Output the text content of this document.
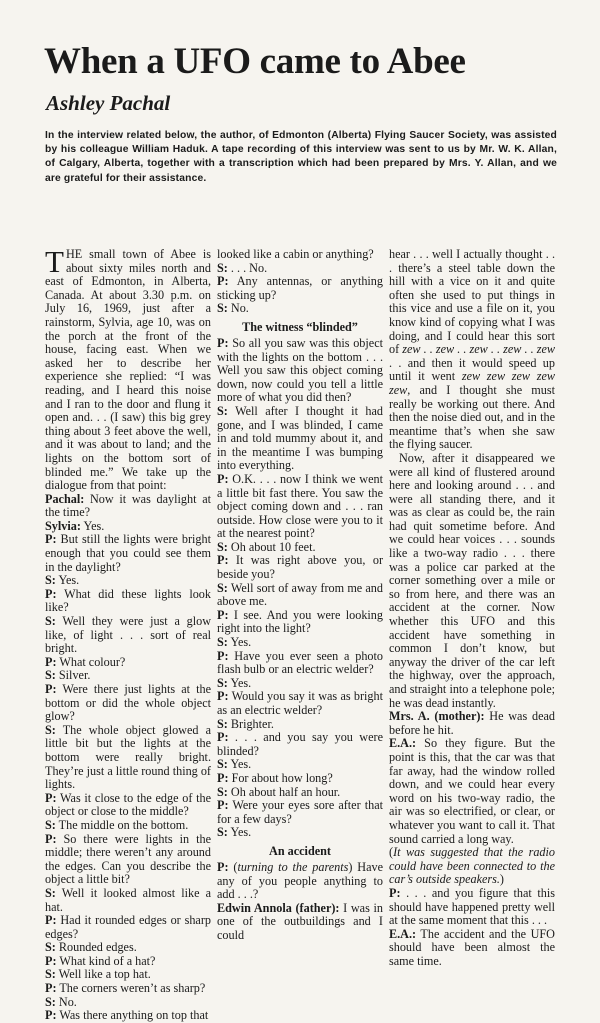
When a UFO came to Abee
Ashley Pachal

In the interview related below, the author, of Edmonton (Alberta) Flying Saucer Society, was assisted by his colleague William Haduk. A tape recording of this interview was sent to us by Mr. W. K. Allan, of Calgary, Alberta, together with a transcription which had been prepared by Mrs. Y. Allan, and we are grateful for their assistance.

THE small town of Abee is about sixty miles north and east of Edmonton, in Alberta, Canada. At about 3.30 p.m. on July 16, 1969, just after a rainstorm, Sylvia, age 10, was on the porch at the front of the house, facing east. When we asked her to describe her experience she replied: “I was reading, and I heard this noise and I ran to the door and flung it open and. . . (I saw) this big grey thing about 3 feet above the well, and it was about to land; and the lights on the bottom sort of blinded me.” We take up the dialogue from that point:

Pachal: Now it was daylight at the time?

Sylvia: Yes.

P: But still the lights were bright enough that you could see them in the daylight?

S: Yes.

P: What did these lights look like?

S: Well they were just a glow like, of light . . . sort of real bright.

P: What colour?

S: Silver.

P: Were there just lights at the bottom or did the whole object glow?

S: The whole object glowed a little bit but the lights at the bottom were really bright. They’re just a little round thing of lights.

P: Was it close to the edge of the object or close to the middle?

S: The middle on the bottom.

P: So there were lights in the middle; there weren’t any around the edges. Can you describe the object a little bit?

S: Well it looked almost like a hat.

P: Had it rounded edges or sharp edges?

S: Rounded edges.

P: What kind of a hat?

S: Well like a top hat.

P: The corners weren’t as sharp?

S: No.

P: Was there anything on top that

looked like a cabin or anything?

S: . . . No.

P: Any antennas, or anything sticking up?

S: No.

The witness “blinded”

P: So all you saw was this object with the lights on the bottom . . . Well you saw this object coming down, now could you tell a little more of what you did then?

S: Well after I thought it had gone, and I was blinded, I came in and told mummy about it, and in the meantime I was bumping into everything.

P: O.K. . . . now I think we went a little bit fast there. You saw the object coming down and . . . ran outside. How close were you to it at the nearest point?

S: Oh about 10 feet.

P: It was right above you, or beside you?

S: Well sort of away from me and above me.

P: I see. And you were looking right into the light?

S: Yes.

P: Have you ever seen a photo flash bulb or an electric welder?

S: Yes.

P: Would you say it was as bright as an electric welder?

S: Brighter.

P: . . . and you say you were blinded?

S: Yes.

P: For about how long?

S: Oh about half an hour.

P: Were your eyes sore after that for a few days?

S: Yes.

An accident

P: (turning to the parents) Have any of you people anything to add . . .?

Edwin Annola (father): I was in one of the outbuildings and I could

hear . . . well I actually thought . . . there’s a steel table down the hill with a vice on it and quite often she used to put things in this vice and use a file on it, you know kind of copying what I was doing, and I could hear this sort of zew . . zew . . zew . . zew . . zew . . and then it would speed up until it went zew zew zew zew zew, and I thought she must really be working out there. And then the noise died out, and in the meantime that’s when she saw the flying saucer.

Now, after it disappeared we were all kind of flustered around here and looking around . . . and were all standing there, and it was as clear as could be, the rain had quit sometime before. And we could hear voices . . . sounds like a two-way radio . . . there was a police car parked at the corner something over a mile or so from here, and there was an accident at the corner. Now whether this UFO and this accident have something in common I don’t know, but anyway the driver of the car left the highway, over the approach, and straight into a telephone pole; he was dead instantly.

Mrs. A. (mother): He was dead before he hit.

E.A.: So they figure. But the point is this, that the car was that far away, had the window rolled down, and we could hear every word on his two-way radio, the air was so electrified, or clear, or whatever you want to call it. That sound carried a long way.

(It was suggested that the radio could have been connected to the car’s outside speakers.)

P: . . . and you figure that this should have happened pretty well at the same moment that this . . .

E.A.: The accident and the UFO should have been almost the same time.
